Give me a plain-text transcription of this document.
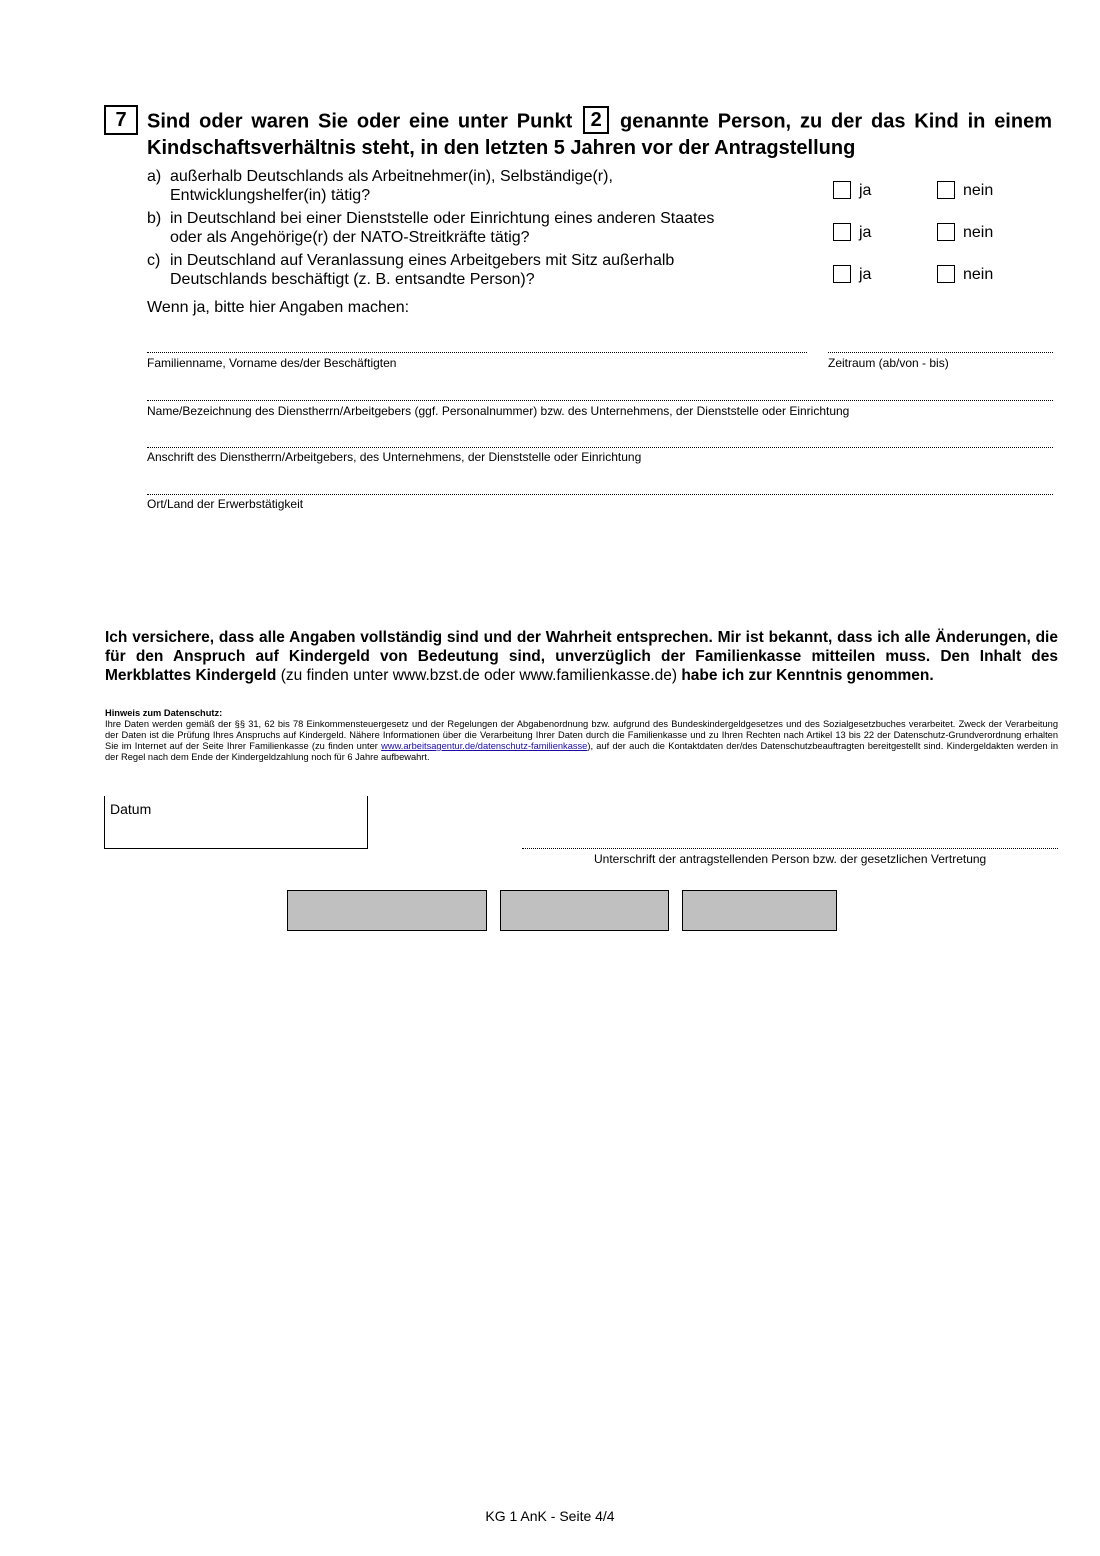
7	Sind oder waren Sie oder eine unter Punkt 2 genannte Person, zu der das Kind in einem Kindschaftsverhältnis steht, in den letzten 5 Jahren vor der Antragstellung
a) außerhalb Deutschlands als Arbeitnehmer(in), Selbständige(r),
Entwicklungshelfer(in) tätig?	ja	nein
b) in Deutschland bei einer Dienststelle oder Einrichtung eines anderen Staates
oder als Angehörige(r) der NATO-Streitkräfte tätig?	ja	nein
c) in Deutschland auf Veranlassung eines Arbeitgebers mit Sitz außerhalb
Deutschlands beschäftigt (z. B. entsandte Person)?	ja	nein
Wenn ja, bitte hier Angaben machen:
Familienname, Vorname des/der Beschäftigten	Zeitraum (ab/von - bis)
Name/Bezeichnung des Dienstherrn/Arbeitgebers (ggf. Personalnummer) bzw. des Unternehmens, der Dienststelle oder Einrichtung
Anschrift des Dienstherrn/Arbeitgebers, des Unternehmens, der Dienststelle oder Einrichtung
Ort/Land der Erwerbstätigkeit
Ich versichere, dass alle Angaben vollständig sind und der Wahrheit entsprechen. Mir ist bekannt, dass ich alle Änderungen, die für den Anspruch auf Kindergeld von Bedeutung sind, unverzüglich der Familienkasse mitteilen muss. Den Inhalt des Merkblattes Kindergeld (zu finden unter www.bzst.de oder www.familienkasse.de) habe ich zur Kenntnis genommen.
Hinweis zum Datenschutz:
Ihre Daten werden gemäß der §§ 31, 62 bis 78 Einkommensteuergesetz und der Regelungen der Abgabenordnung bzw. aufgrund des Bundeskindergeldgesetzes und des Sozialgesetzbuches verarbeitet. Zweck der Verarbeitung der Daten ist die Prüfung Ihres Anspruchs auf Kindergeld. Nähere Informationen über die Verarbeitung Ihrer Daten durch die Familienkasse und zu Ihren Rechten nach Artikel 13 bis 22 der Datenschutz-Grundverordnung erhalten Sie im Internet auf der Seite Ihrer Familienkasse (zu finden unter www.arbeitsagentur.de/datenschutz-familienkasse), auf der auch die Kontaktdaten der/des Datenschutzbeauftragten bereitgestellt sind. Kindergeldakten werden in der Regel nach dem Ende der Kindergeldzahlung noch für 6 Jahre aufbewahrt.
Datum
Unterschrift der antragstellenden Person bzw. der gesetzlichen Vertretung
KG 1 AnK - Seite 4/4
